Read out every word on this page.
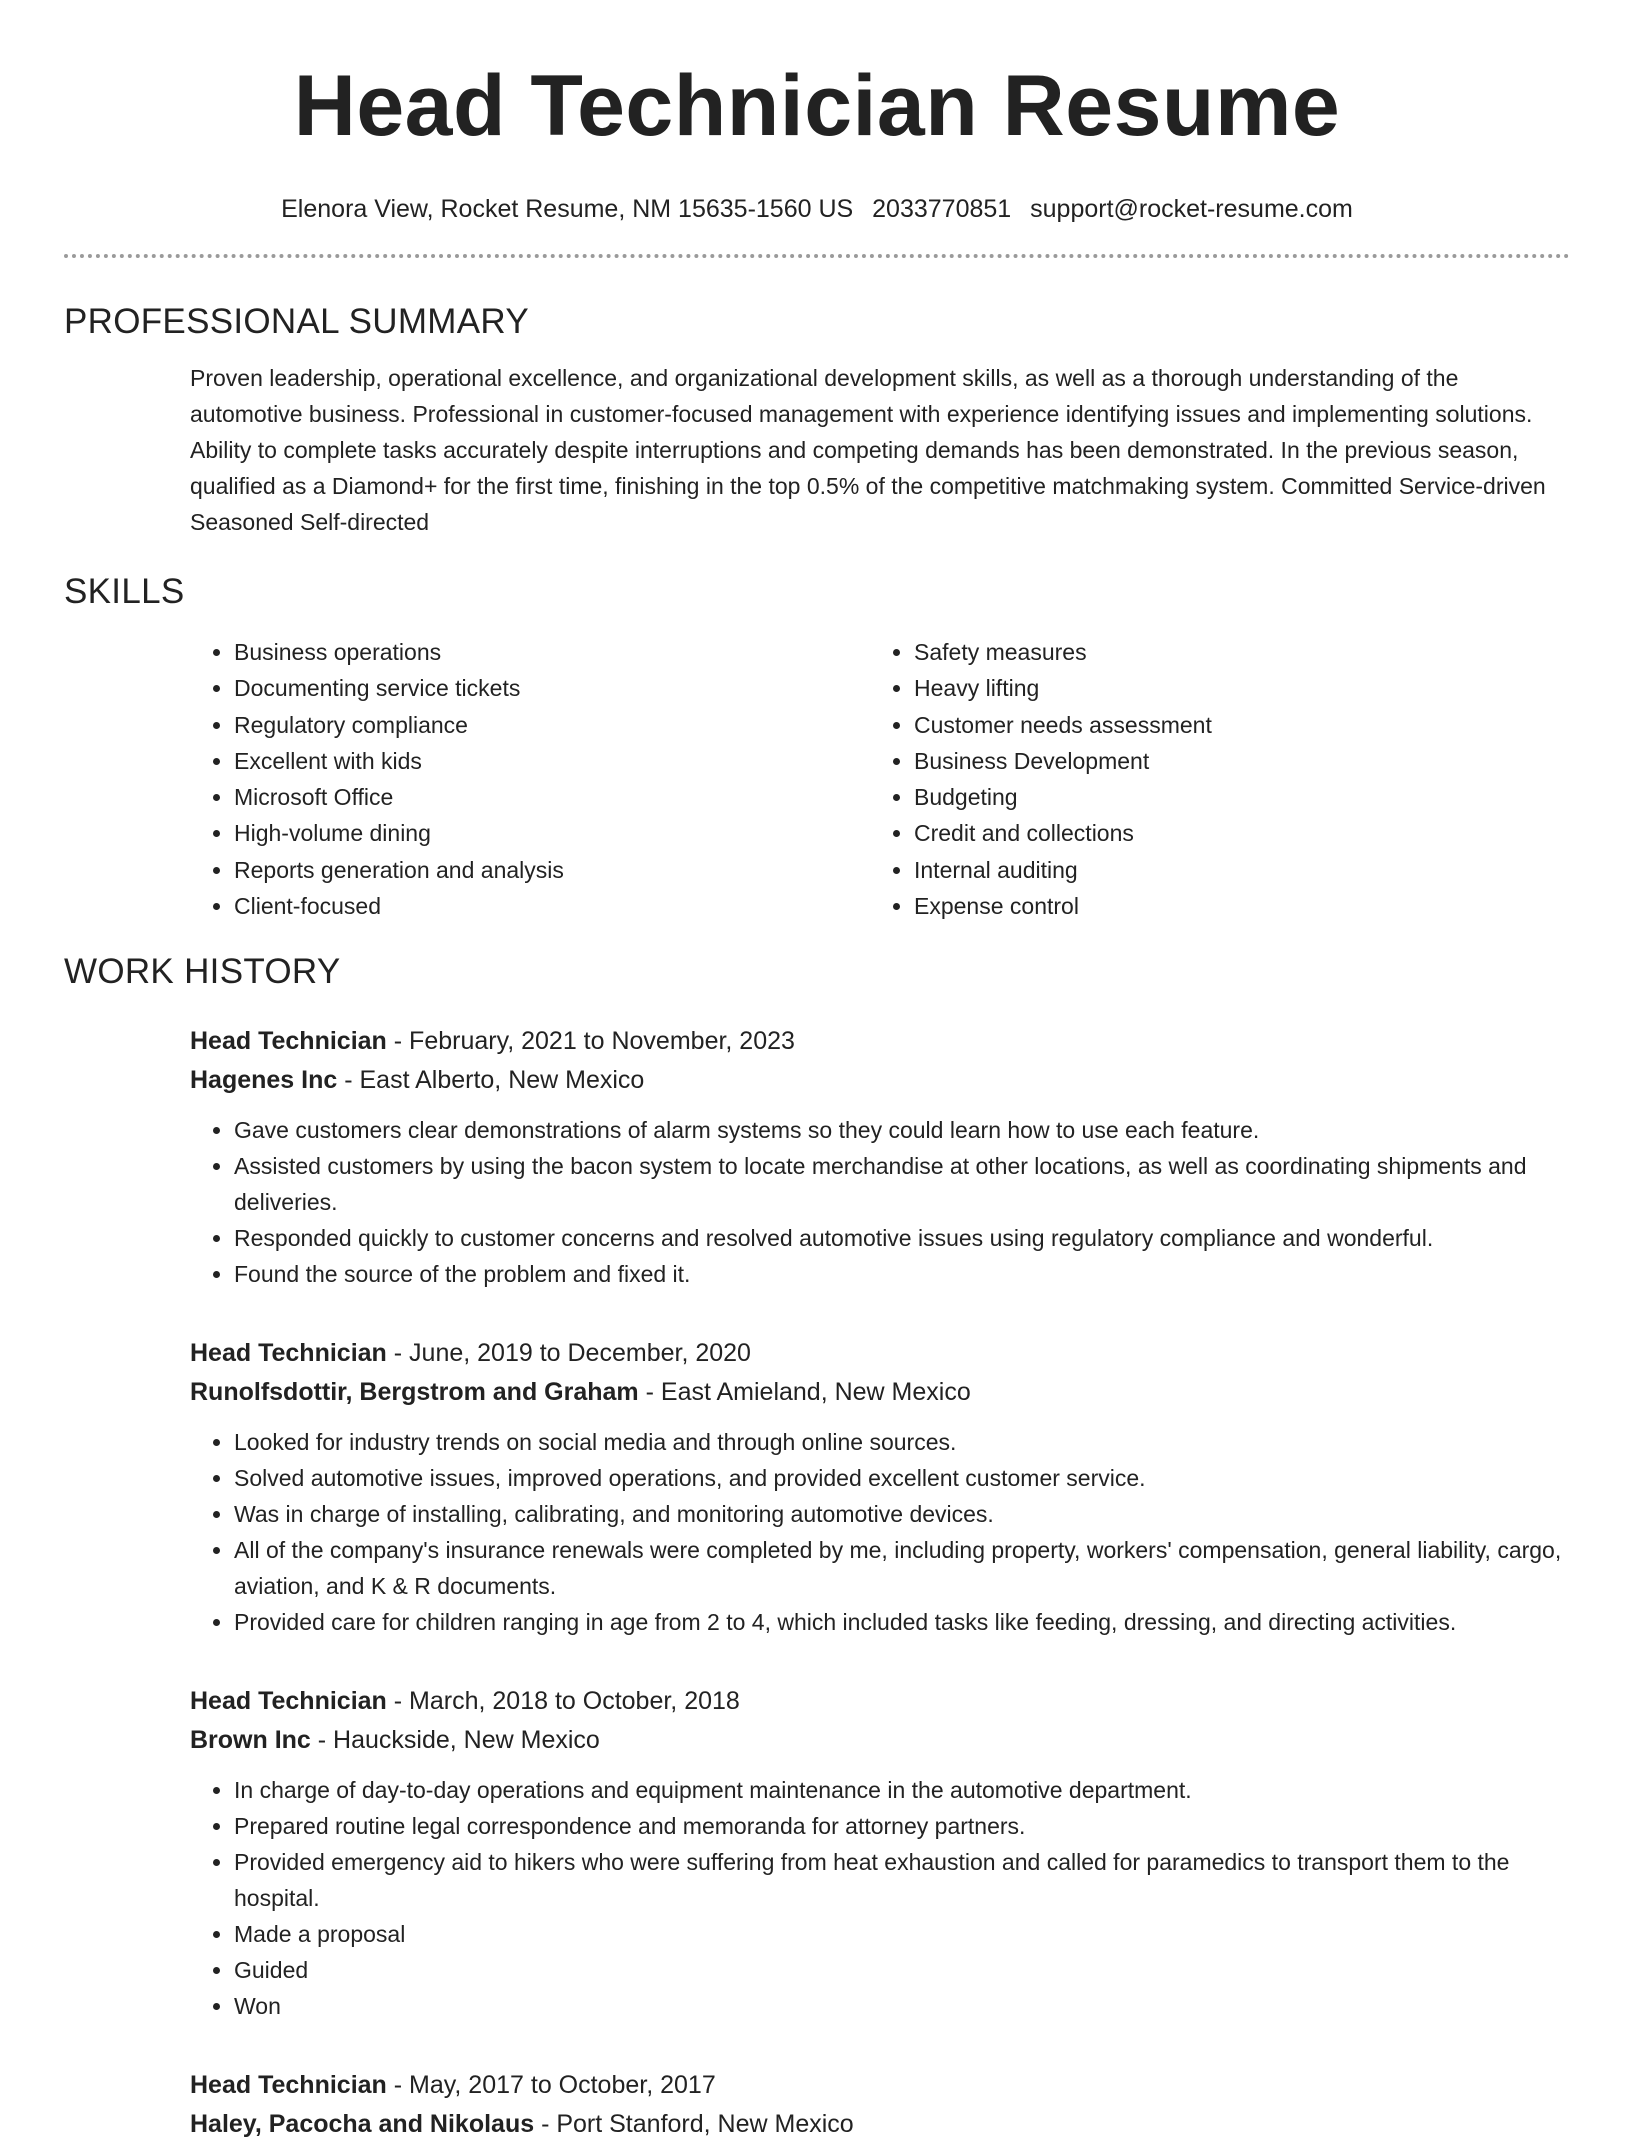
Head Technician Resume
Elenora View, Rocket Resume, NM 15635-1560 US 2033770851 support@rocket-resume.com
PROFESSIONAL SUMMARY

Proven leadership, operational excellence, and organizational development skills, as well as a thorough understanding of the automotive business. Professional in customer-focused management with experience identifying issues and implementing solutions. Ability to complete tasks accurately despite interruptions and competing demands has been demonstrated. In the previous season, qualified as a Diamond+ for the first time, finishing in the top 0.5% of the competitive matchmaking system. Committed Service-driven Seasoned Self-directed

SKILLS
• Business operations
• Documenting service tickets
• Regulatory compliance
• Excellent with kids
• Microsoft Office
• High-volume dining
• Reports generation and analysis
• Client-focused
• Safety measures
• Heavy lifting
• Customer needs assessment
• Business Development
• Budgeting
• Credit and collections
• Internal auditing
• Expense control
WORK HISTORY
Head Technician - February, 2021 to November, 2023
Hagenes Inc - East Alberto, New Mexico
• Gave customers clear demonstrations of alarm systems so they could learn how to use each feature.
• Assisted customers by using the bacon system to locate merchandise at other locations, as well as coordinating shipments and deliveries.
• Responded quickly to customer concerns and resolved automotive issues using regulatory compliance and wonderful.
• Found the source of the problem and fixed it.
Head Technician - June, 2019 to December, 2020
Runolfsdottir, Bergstrom and Graham - East Amieland, New Mexico
• Looked for industry trends on social media and through online sources.
• Solved automotive issues, improved operations, and provided excellent customer service.
• Was in charge of installing, calibrating, and monitoring automotive devices.
• All of the company's insurance renewals were completed by me, including property, workers' compensation, general liability, cargo, aviation, and K & R documents.
• Provided care for children ranging in age from 2 to 4, which included tasks like feeding, dressing, and directing activities.
Head Technician - March, 2018 to October, 2018
Brown Inc - Hauckside, New Mexico
• In charge of day-to-day operations and equipment maintenance in the automotive department.
• Prepared routine legal correspondence and memoranda for attorney partners.
• Provided emergency aid to hikers who were suffering from heat exhaustion and called for paramedics to transport them to the hospital.
• Made a proposal
• Guided
• Won
Head Technician - May, 2017 to October, 2017
Haley, Pacocha and Nikolaus - Port Stanford, New Mexico
